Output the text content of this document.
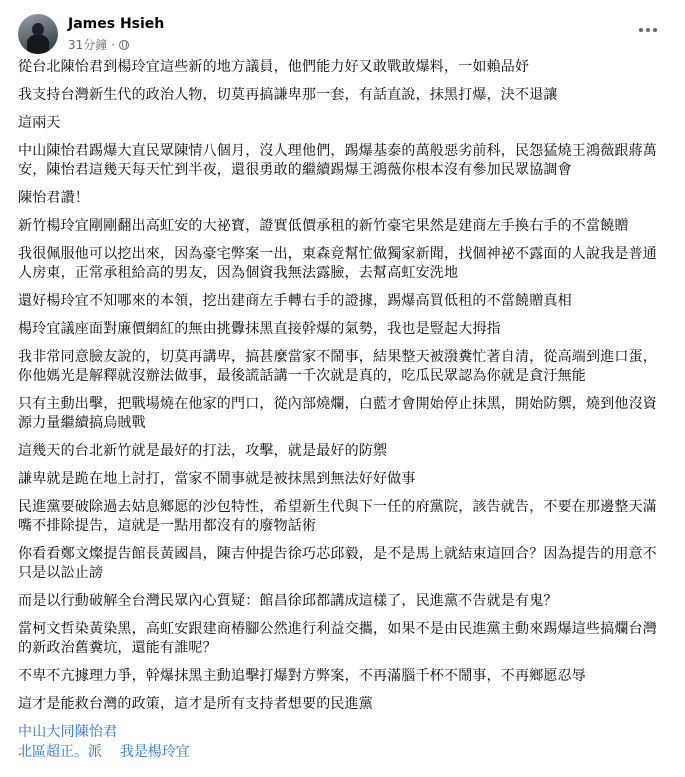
James Hsieh
31分鐘 ·

從台北陳怡君到楊玲宜這些新的地方議員，他們能力好又敢戰敢爆料，一如賴品妤

我支持台灣新生代的政治人物，切莫再搞謙卑那一套，有話直說，抹黑打爆，決不退讓

這兩天

中山陳怡君踢爆大直民眾陳情八個月，沒人理他們，踢爆基泰的萬般惡劣前科，民怨猛燒王鴻薇跟蔣萬安，陳怡君這幾天每天忙到半夜，還很勇敢的繼續踢爆王鴻薇你根本沒有參加民眾協調會

陳怡君讚！

新竹楊玲宜剛剛翻出高虹安的大祕寶，證實低價承租的新竹豪宅果然是建商左手換右手的不當饒贈

我很佩服他可以挖出來，因為豪宅弊案一出，東森竟幫忙做獨家新聞，找個神祕不露面的人說我是普通人房東，正常承租給高的男友，因為個資我無法露臉，去幫高虹安洗地

還好楊玲宜不知哪來的本領，挖出建商左手轉右手的證據，踢爆高買低租的不當饒贈真相

楊玲宜議座面對廉價網紅的無由挑釁抹黑直接幹爆的氣勢，我也是豎起大拇指

我非常同意臉友說的，切莫再講卑，搞甚麼當家不鬧事，結果整天被潑糞忙著自清，從高端到進口蛋，你他媽光是解釋就沒辦法做事，最後謊話講一千次就是真的，吃瓜民眾認為你就是貪汙無能

只有主動出擊，把戰場燒在他家的門口，從內部燒爛，白藍才會開始停止抹黑，開始防禦，燒到他沒資源力量繼續搞烏賊戰

這幾天的台北新竹就是最好的打法，攻擊，就是最好的防禦

謙卑就是跪在地上討打，當家不鬧事就是被抹黑到無法好好做事

民進黨要破除過去姑息鄉愿的沙包特性，希望新生代與下一任的府黨院，該告就告，不要在那邊整天滿嘴不排除提告，這就是一點用都沒有的廢物話術

你看看鄭文燦提告館長黃國昌，陳吉仲提告徐巧芯邱毅，是不是馬上就結束這回合？因為提告的用意不只是以訟止謗

而是以行動破解全台灣民眾內心質疑：館昌徐邱都講成這樣了，民進黨不告就是有鬼？

當柯文哲染黃染黑，高虹安跟建商椿腳公然進行利益交攜，如果不是由民進黨主動來踢爆這些搞爛台灣的新政治舊糞坑，還能有誰呢？

不卑不亢據理力爭，幹爆抹黑主動追擊打爆對方弊案，不再滿腦千杯不鬧事，不再鄉愿忍辱

這才是能救台灣的政策，這才是所有支持者想要的民進黨

中山大同陳怡君

北區超正。派 我是楊玲宜
